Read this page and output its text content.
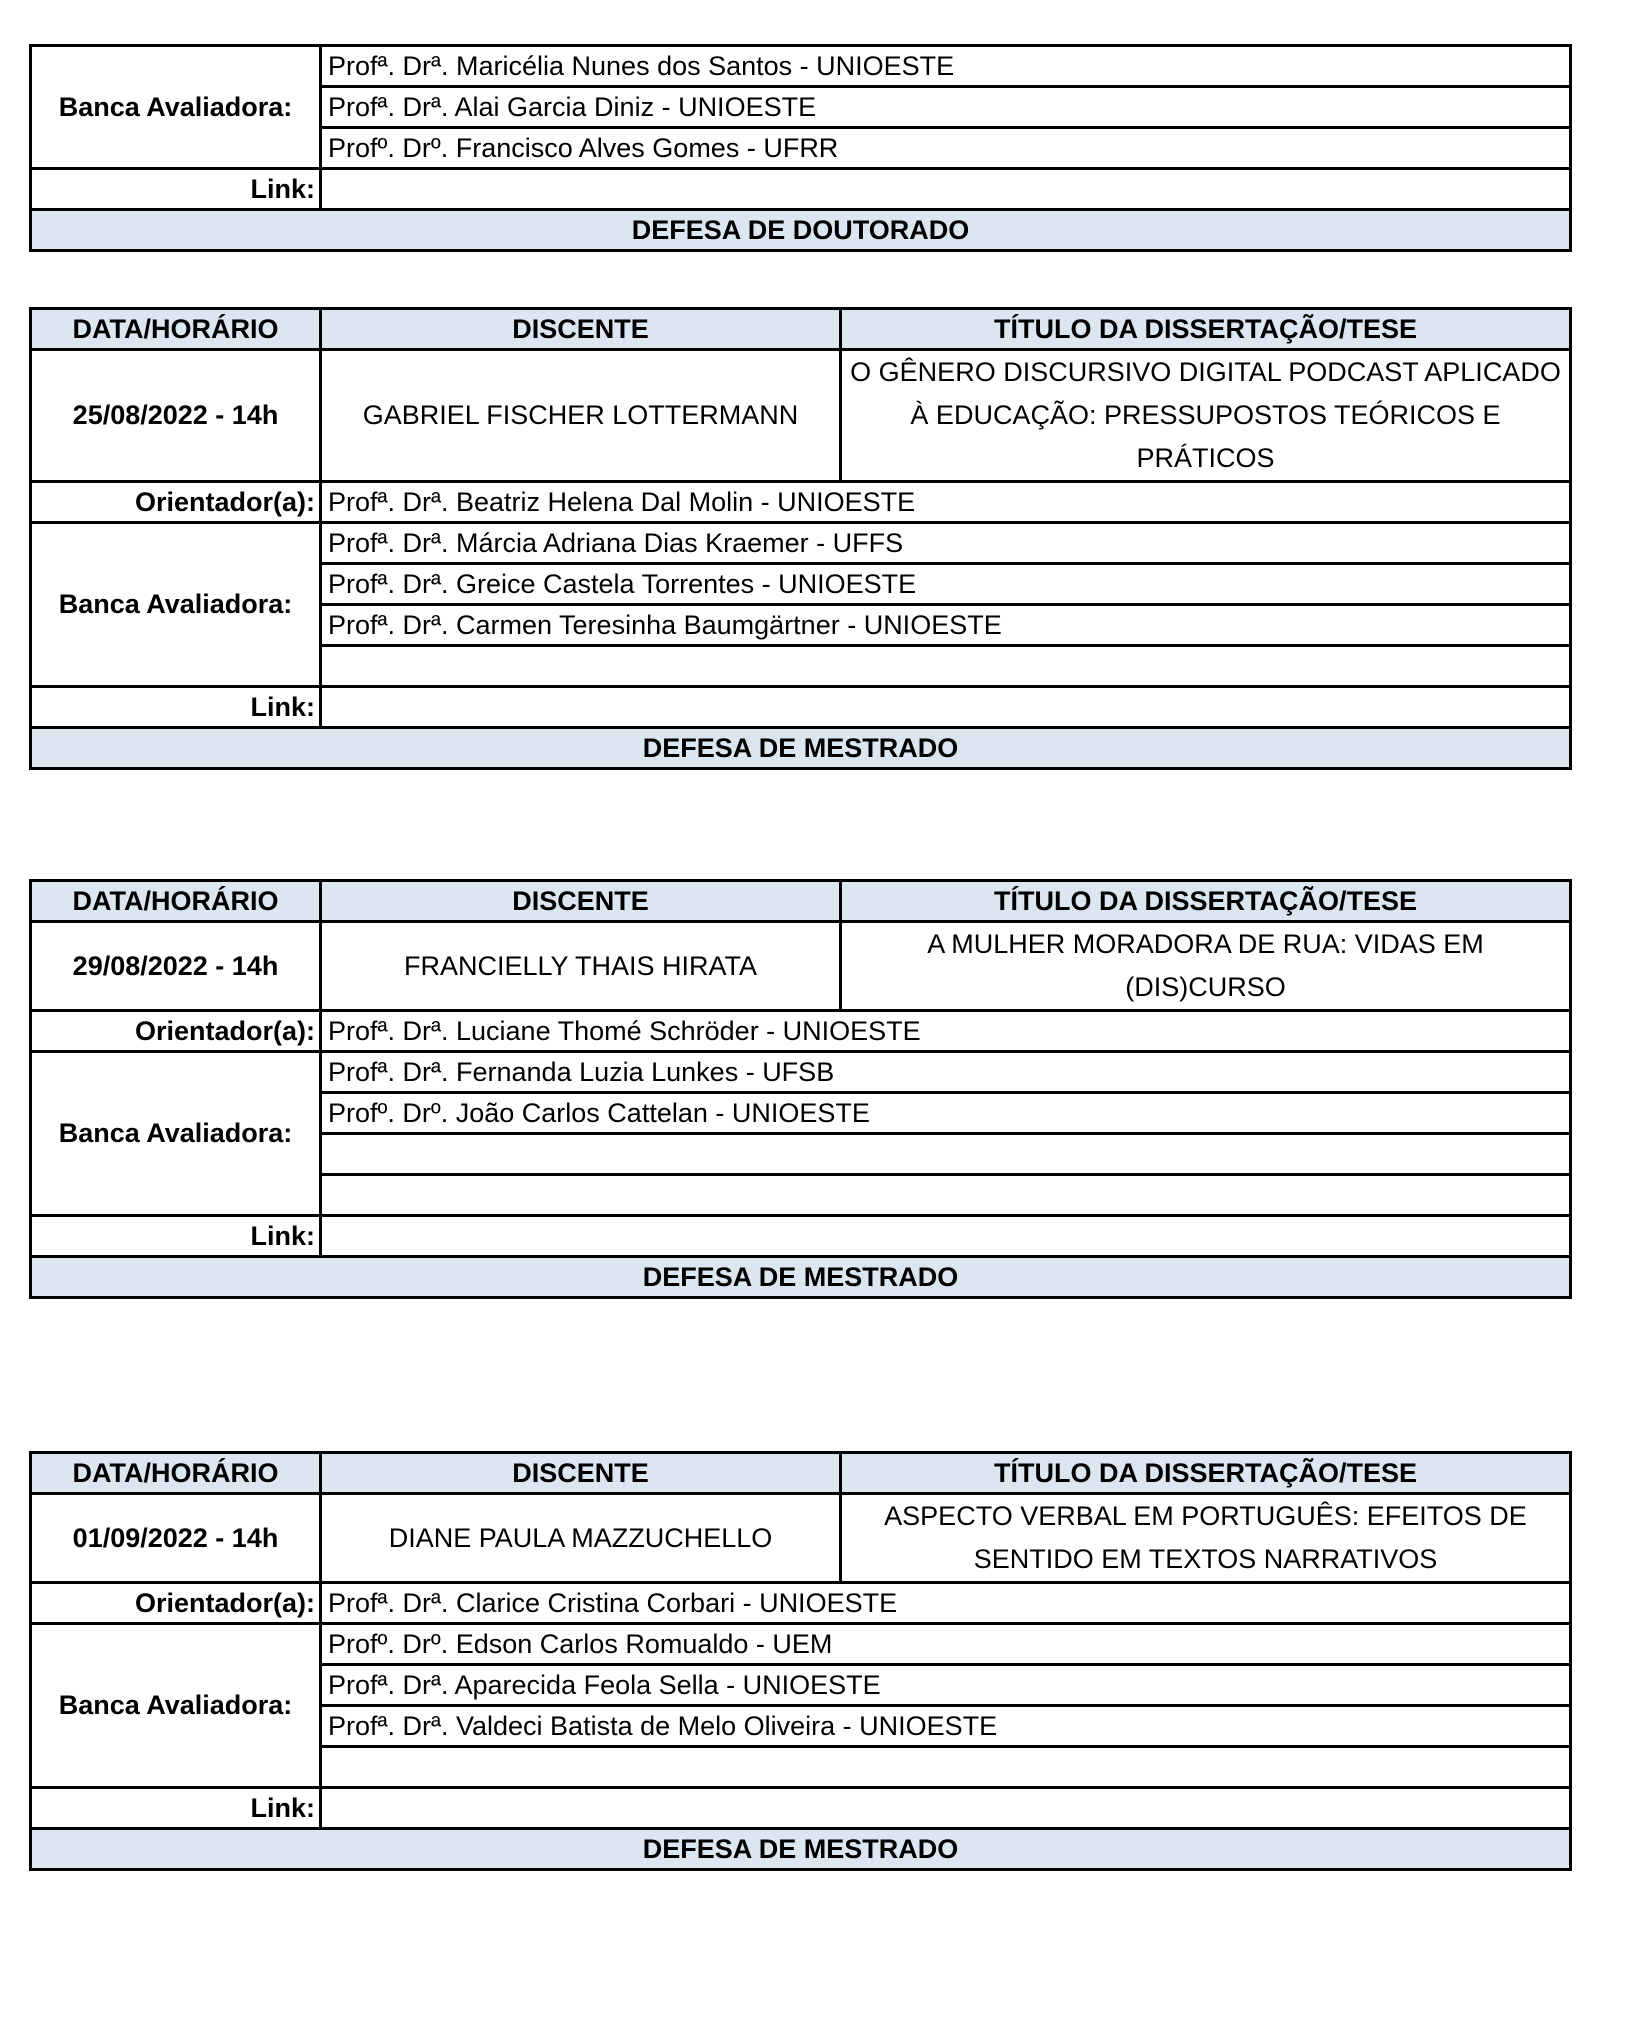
Banca Avaliadora:	Profª. Drª. Maricélia Nunes dos Santos - UNIOESTE
	Profª. Drª. Alai Garcia Diniz - UNIOESTE
	Profº. Drº. Francisco Alves Gomes - UFRR
Link:	
DEFESA DE DOUTORADO	
DATA/HORÁRIO	DISCENTE	TÍTULO DA DISSERTAÇÃO/TESE
25/08/2022 - 14h	GABRIEL FISCHER LOTTERMANN	O GÊNERO DISCURSIVO DIGITAL PODCAST APLICADO À EDUCAÇÃO: PRESSUPOSTOS TEÓRICOS E PRÁTICOS
Orientador(a):	Profª. Drª. Beatriz Helena Dal Molin - UNIOESTE	
Banca Avaliadora:	Profª. Drª. Márcia Adriana Dias Kraemer - UFFS	
	Profª. Drª. Greice Castela Torrentes - UNIOESTE	
	Profª. Drª. Carmen Teresinha Baumgärtner - UNIOESTE	

Link:		
DEFESA DE MESTRADO		
DATA/HORÁRIO	DISCENTE	TÍTULO DA DISSERTAÇÃO/TESE
29/08/2022 - 14h	FRANCIELLY THAIS HIRATA	A MULHER MORADORA DE RUA: VIDAS EM (DIS)CURSO
Orientador(a):	Profª. Drª. Luciane Thomé Schröder - UNIOESTE	
Banca Avaliadora:	Profª. Drª. Fernanda Luzia Lunkes - UFSB	
	Profº. Drº. João Carlos Cattelan - UNIOESTE	

Link:		
DEFESA DE MESTRADO		
DATA/HORÁRIO	DISCENTE	TÍTULO DA DISSERTAÇÃO/TESE
01/09/2022 - 14h	DIANE PAULA MAZZUCHELLO	ASPECTO VERBAL EM PORTUGUÊS: EFEITOS DE SENTIDO EM TEXTOS NARRATIVOS
Orientador(a):	Profª. Drª. Clarice Cristina Corbari - UNIOESTE	
Banca Avaliadora:	Profº. Drº. Edson Carlos Romualdo - UEM	
	Profª. Drª. Aparecida Feola Sella - UNIOESTE	
	Profª. Drª. Valdeci Batista de Melo Oliveira - UNIOESTE	

Link:		
DEFESA DE MESTRADO		
